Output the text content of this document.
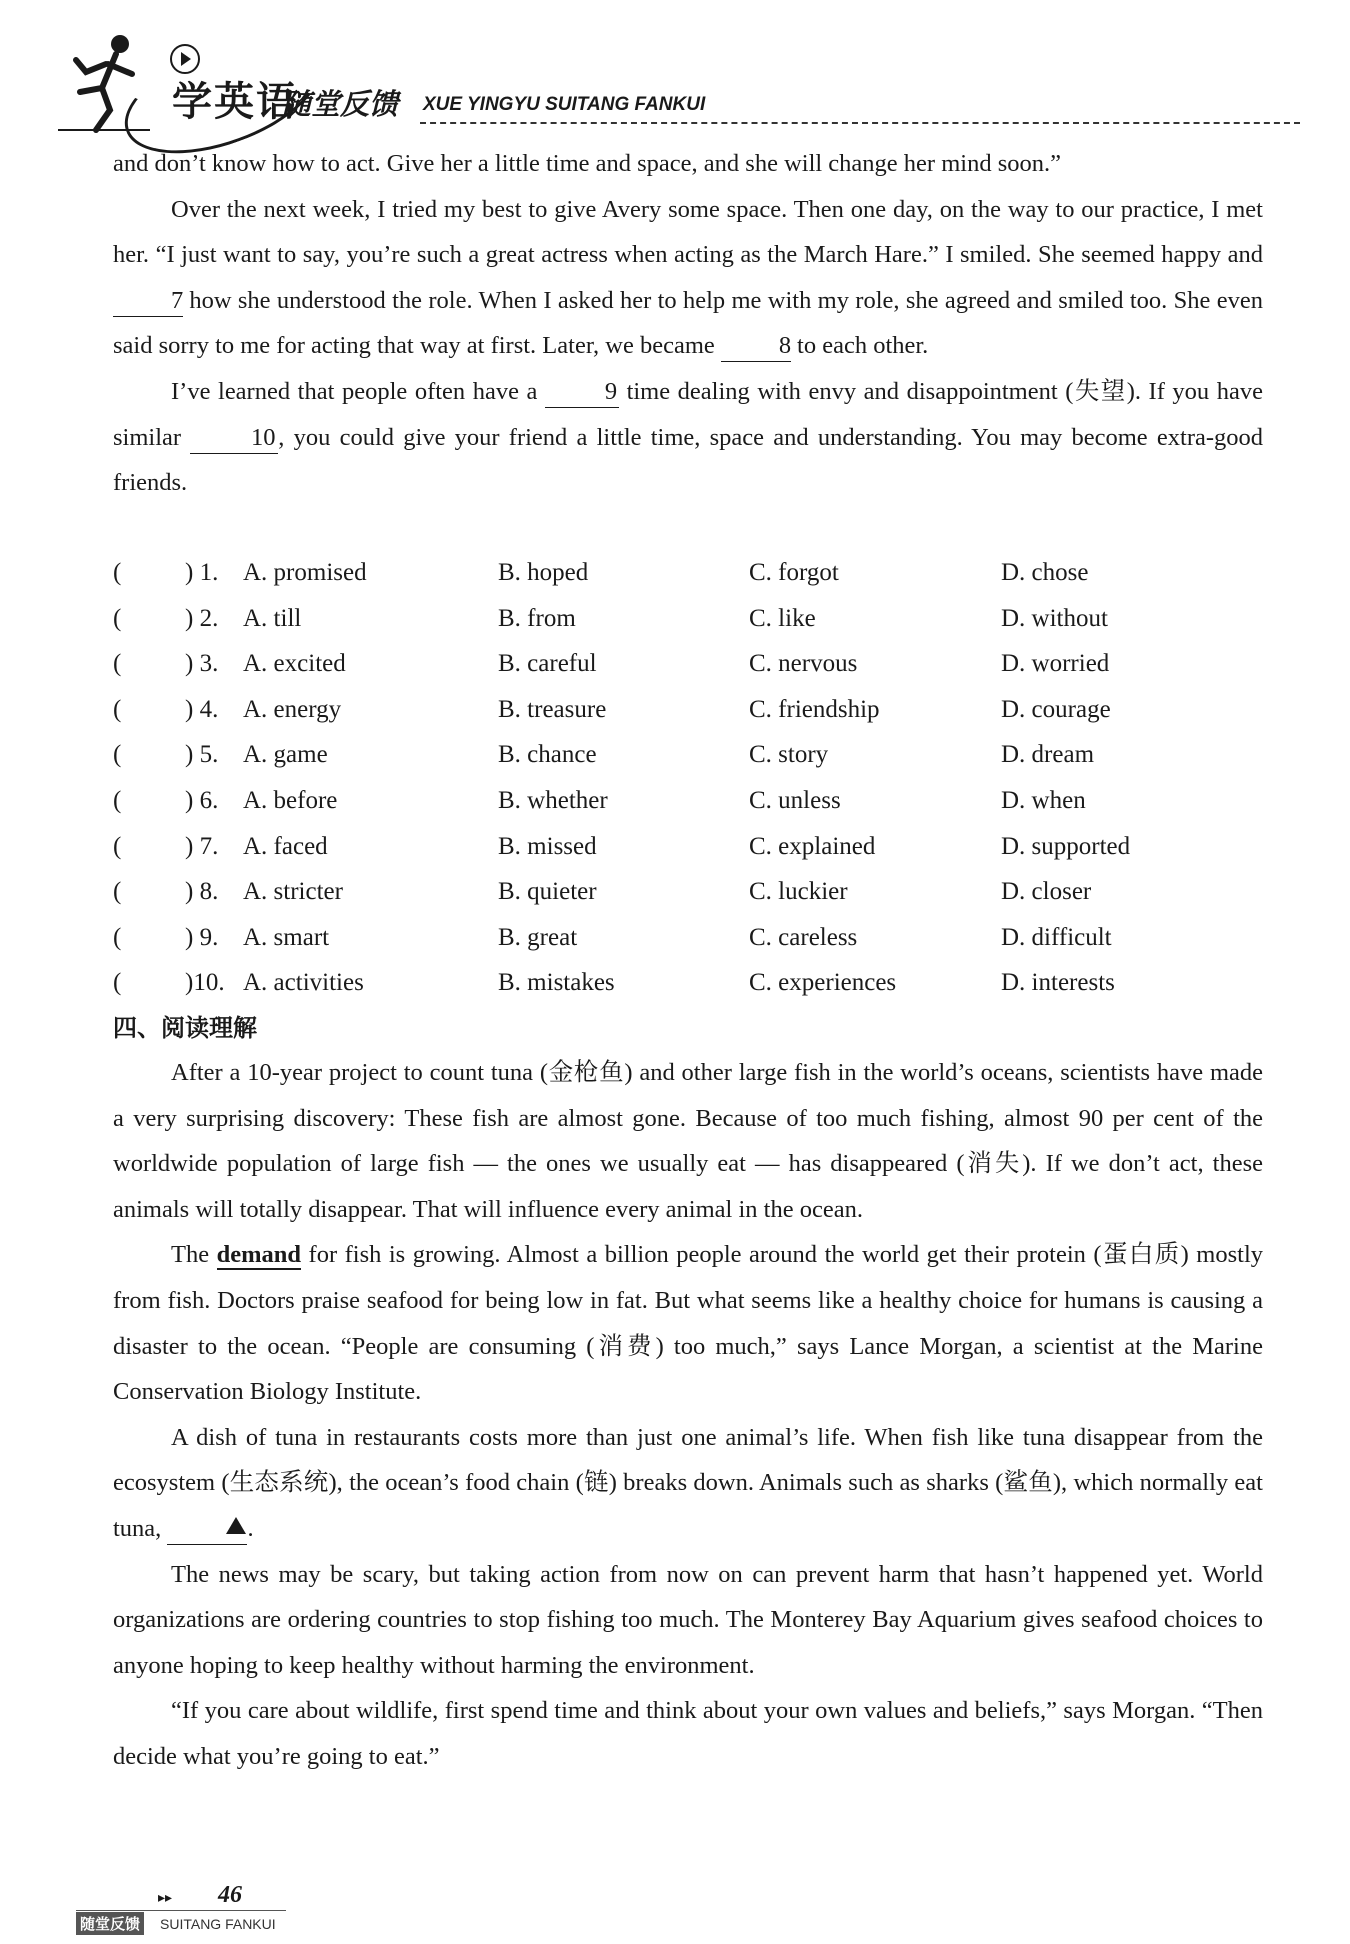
学英语
随堂反馈 XUE YINGYU SUITANG FANKUI

and don’t know how to act. Give her a little time and space, and she will change her mind soon.”

Over the next week, I tried my best to give Avery some space. Then one day, on the way to our practice, I met her. “I just want to say, you’re such a great actress when acting as the March Hare.” I smiled. She seemed happy and 7 how she understood the role. When I asked her to help me with my role, she agreed and smiled too. She even said sorry to me for acting that way at first. Later, we became 8 to each other.

I’ve learned that people often have a 9 time dealing with envy and disappointment (失望). If you have similar 10 , you could give your friend a little time, space and understanding. You may become extra-good friends.

(	) 1. A. promised	B. hoped	C. forgot	D. chose
(	) 2. A. till	B. from	C. like	D. without
(	) 3. A. excited	B. careful	C. nervous	D. worried
(	) 4. A. energy	B. treasure	C. friendship	D. courage
(	) 5. A. game	B. chance	C. story	D. dream
(	) 6. A. before	B. whether	C. unless	D. when
(	) 7. A. faced	B. missed	C. explained	D. supported
(	) 8. A. stricter	B. quieter	C. luckier	D. closer
(	) 9. A. smart	B. great	C. careless	D. difficult
(	)10. A. activities	B. mistakes	C. experiences	D. interests
四、阅读理解

After a 10-year project to count tuna (金枪鱼) and other large fish in the world’s oceans, scientists have made a very surprising discovery: These fish are almost gone. Because of too much fishing, almost 90 per cent of the worldwide population of large fish — the ones we usually eat — has disappeared (消失). If we don’t act, these animals will totally disappear. That will influence every animal in the ocean.

The demand for fish is growing. Almost a billion people around the world get their protein (蛋白质) mostly from fish. Doctors praise seafood for being low in fat. But what seems like a healthy choice for humans is causing a disaster to the ocean. “People are consuming (消费) too much,” says Lance Morgan, a scientist at the Marine Conservation Biology Institute.

A dish of tuna in restaurants costs more than just one animal’s life. When fish like tuna disappear from the ecosystem (生态系统), the ocean’s food chain (链) breaks down. Animals such as sharks (鲨鱼), which normally eat tuna,	.

The news may be scary, but taking action from now on can prevent harm that hasn’t happened yet. World organizations are ordering countries to stop fishing too much. The Monterey Bay Aquarium gives seafood choices to anyone hoping to keep healthy without harming the environment.

“If you care about wildlife, first spend time and think about your own values and beliefs,” says Morgan. “Then decide what you’re going to eat.”

▸▸ 46
随堂反馈 SUITANG FANKUI
